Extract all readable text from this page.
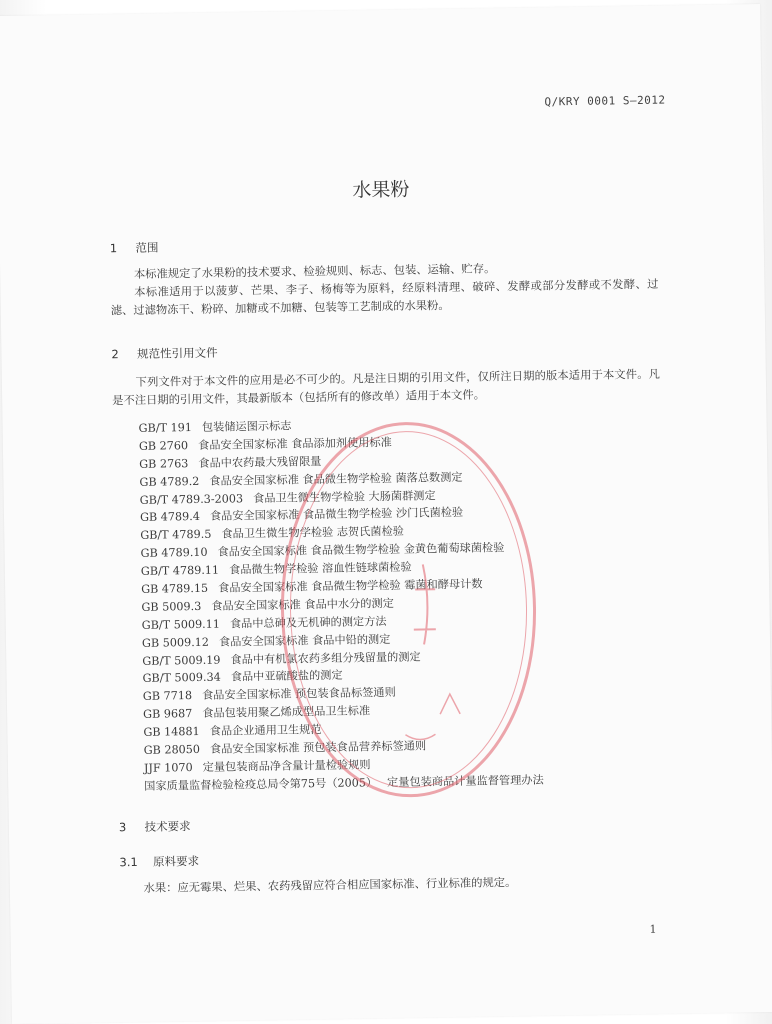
Q/KRY 0001 S—2012
水果粉
1 范围

本标准规定了水果粉的技术要求、检验规则、标志、包装、运输、贮存。

本标准适用于以菠萝、芒果、李子、杨梅等为原料，经原料清理、破碎、发酵或部分发酵或不发酵、过滤、过滤物冻干、粉碎、加糖或不加糖、包装等工艺制成的水果粉。

2 规范性引用文件

下列文件对于本文件的应用是必不可少的。凡是注日期的引用文件，仅所注日期的版本适用于本文件。凡是不注日期的引用文件，其最新版本（包括所有的修改单）适用于本文件。

GB/T 191 包装储运图示标志
GB 2760 食品安全国家标准 食品添加剂使用标准
GB 2763 食品中农药最大残留限量
GB 4789.2 食品安全国家标准 食品微生物学检验 菌落总数测定
GB/T 4789.3-2003 食品卫生微生物学检验 大肠菌群测定
GB 4789.4 食品安全国家标准 食品微生物学检验 沙门氏菌检验
GB/T 4789.5 食品卫生微生物学检验 志贺氏菌检验
GB 4789.10 食品安全国家标准 食品微生物学检验 金黄色葡萄球菌检验
GB/T 4789.11 食品微生物学检验 溶血性链球菌检验
GB 4789.15 食品安全国家标准 食品微生物学检验 霉菌和酵母计数
GB 5009.3 食品安全国家标准 食品中水分的测定
GB/T 5009.11 食品中总砷及无机砷的测定方法
GB 5009.12 食品安全国家标准 食品中铅的测定
GB/T 5009.19 食品中有机氯农药多组分残留量的测定
GB/T 5009.34 食品中亚硫酸盐的测定
GB 7718 食品安全国家标准 预包装食品标签通则
GB 9687 食品包装用聚乙烯成型品卫生标准
GB 14881 食品企业通用卫生规范
GB 28050 食品安全国家标准 预包装食品营养标签通则
JJF 1070 定量包装商品净含量计量检验规则
国家质量监督检验检疫总局令第75号（2005） 定量包装商品计量监督管理办法
3 技术要求
3.1 原料要求

水果：应无霉果、烂果、农药残留应符合相应国家标准、行业标准的规定。

1
